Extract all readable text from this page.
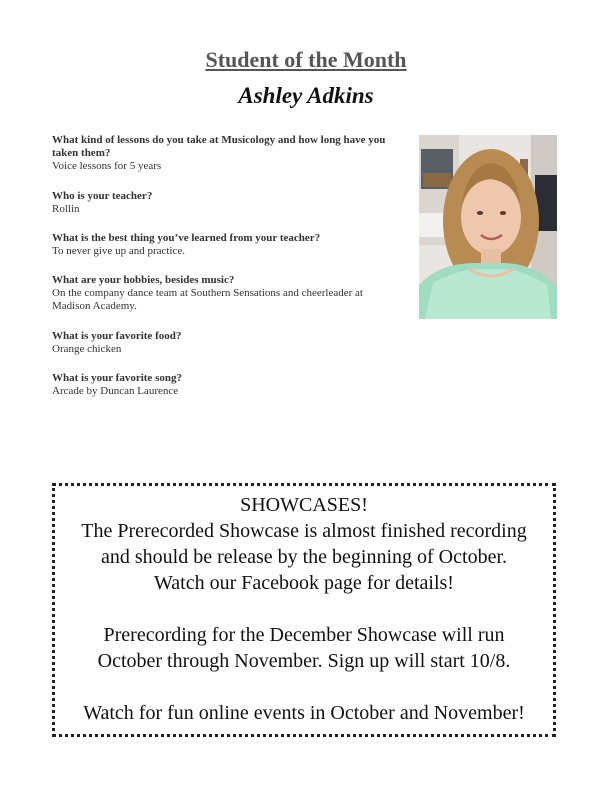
Student of the Month
Ashley Adkins
What kind of lessons do you take at Musicology and how long have you taken them?
Voice lessons for 5 years
Who is your teacher?
Rollin
What is the best thing you’ve learned from your teacher?
To never give up and practice.
What are your hobbies, besides music?
On the company dance team at Southern Sensations and cheerleader at Madison Academy.
What is your favorite food?
Orange chicken
What is your favorite song?
Arcade by Duncan Laurence

SHOWCASES!

The Prerecorded Showcase is almost finished recording

and should be release by the beginning of October.

Watch our Facebook page for details!

Prerecording for the December Showcase will run

October through November. Sign up will start 10/8.

Watch for fun online events in October and November!
